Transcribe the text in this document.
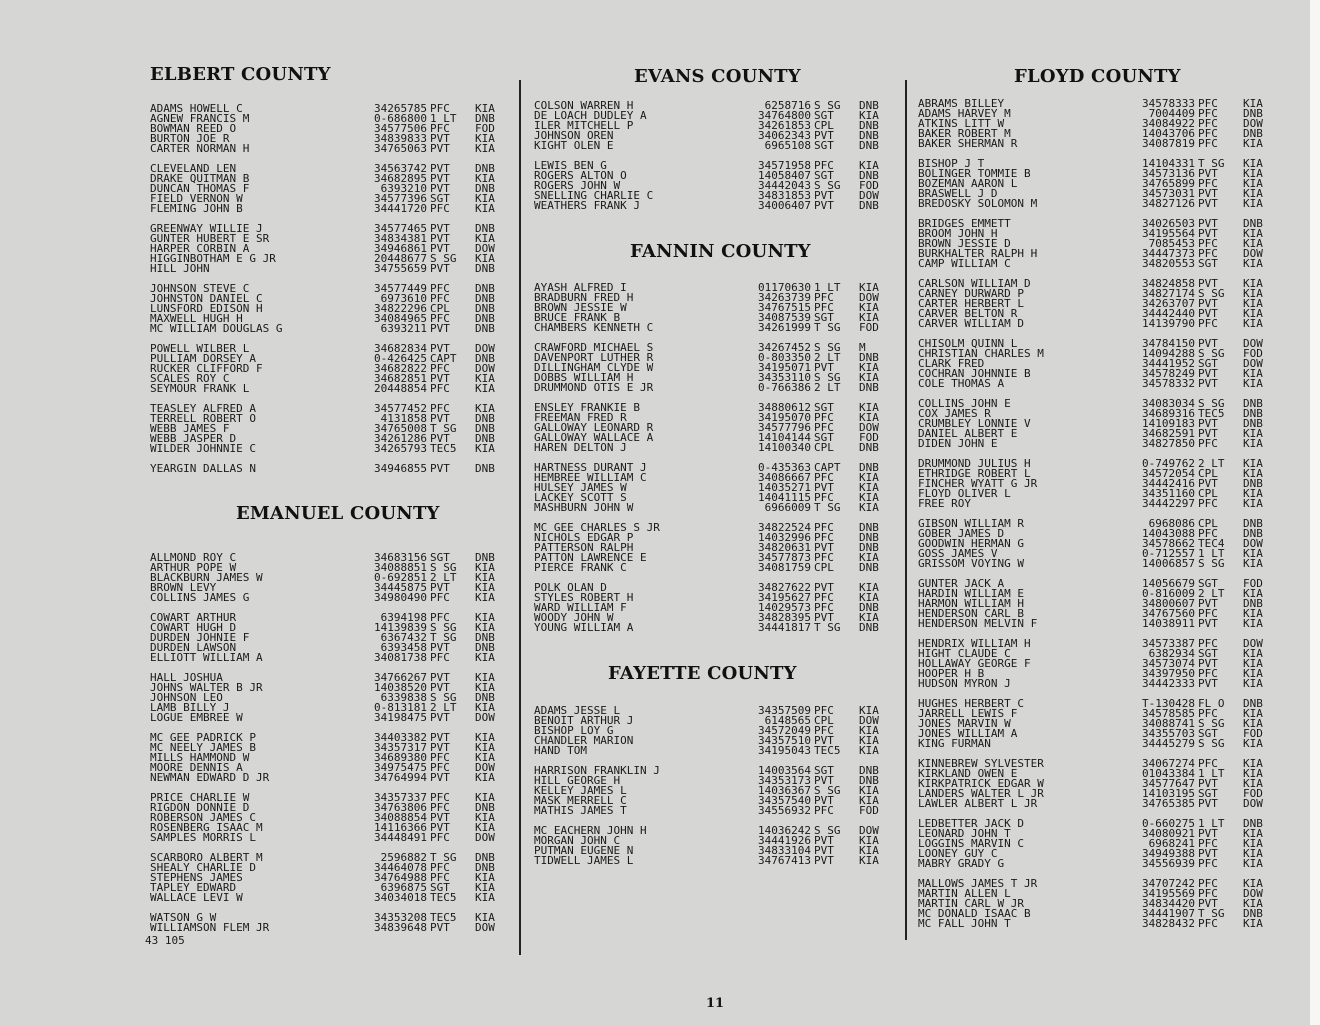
ELBERT COUNTY
ADAMS HOWELL C	34265785 PFC KIA
AGNEW FRANCIS M	0-686800 1 LT DNB
BOWMAN REED O	34577506 PFC FOD
BURTON JOE R	34839833 PVT KIA
CARTER NORMAN H	34765063 PVT KIA
CLEVELAND LEN	34563742 PVT DNB
DRAKE QUITMAN B	34682895 PVT KIA
DUNCAN THOMAS F	6393210 PVT DNB
FIELD VERNON W	34577396 SGT KIA
FLEMING JOHN B	34441720 PFC KIA
GREENWAY WILLIE J	34577465 PVT DNB
GUNTER HUBERT E SR	34834381 PVT KIA
HARPER CORBIN A	34946861 PVT DOW
HIGGINBOTHAM E G JR	20448677 S SG KIA
HILL JOHN	34755659 PVT DNB
JOHNSON STEVE C	34577449 PFC DNB
JOHNSTON DANIEL C	6973610 PFC DNB
LUNSFORD EDISON H	34822296 CPL DNB
MAXWELL HUGH H	34084965 PFC DNB
MC WILLIAM DOUGLAS G	6393211 PVT DNB
POWELL WILBER L	34682834 PVT DOW
PULLIAM DORSEY A	0-426425 CAPT DNB
RUCKER CLIFFORD F	34682822 PFC DOW
SCALES ROY C	34682851 PVT KIA
SEYMOUR FRANK L	20448854 PFC KIA
TEASLEY ALFRED A	34577452 PFC KIA
TERRELL ROBERT O	4131858 PVT DNB
WEBB JAMES F	34765008 T SG DNB
WEBB JASPER D	34261286 PVT DNB
WILDER JOHNNIE C	34265793 TEC5 KIA
YEARGIN DALLAS N	34946855 PVT DNB
EMANUEL COUNTY
ALLMOND ROY C	34683156 SGT DNB
ARTHUR POPE W	34088851 S SG KIA
BLACKBURN JAMES W	0-692851 2 LT KIA
BROWN LEVY	34445875 PVT KIA
COLLINS JAMES G	34980490 PFC KIA
COWART ARTHUR	6394198 PFC KIA
COWART HUGH D	14139839 S SG KIA
DURDEN JOHNIE F	6367432 T SG DNB
DURDEN LAWSON	6393458 PVT DNB
ELLIOTT WILLIAM A	34081738 PFC KIA
HALL JOSHUA	34766267 PVT KIA
JOHNS WALTER B JR	14038520 PVT KIA
JOHNSON LEO	6339838 S SG DNB
LAMB BILLY J	0-813181 2 LT KIA
LOGUE EMBREE W	34198475 PVT DOW
MC GEE PADRICK P	34403382 PVT KIA
MC NEELY JAMES B	34357317 PVT KIA
MILLS HAMMOND W	34689380 PFC KIA
MOORE DENNIS A	34975475 PFC DOW
NEWMAN EDWARD D JR	34764994 PVT KIA
PRICE CHARLIE W	34357337 PFC KIA
RIGDON DONNIE D	34763806 PFC DNB
ROBERSON JAMES C	34088854 PVT KIA
ROSENBERG ISAAC M	14116366 PVT KIA
SAMPLES MORRIS L	34448491 PFC DOW
SCARBORO ALBERT M	2596882 T SG DNB
SHEALY CHARLIE D	34464078 PFC DNB
STEPHENS JAMES	34764988 PFC KIA
TAPLEY EDWARD	6396875 SGT KIA
WALLACE LEVI W	34034018 TEC5 KIA
WATSON G W	34353208 TEC5 KIA
WILLIAMSON FLEM JR	34839648 PVT DOW
EVANS COUNTY
COLSON WARREN H	6258716 S SG DNB
DE LOACH DUDLEY A	34764800 SGT KIA
ILER MITCHELL P	34261853 CPL DNB
JOHNSON OREN	34062343 PVT DNB
KIGHT OLEN E	6965108 SGT DNB
LEWIS BEN G	34571958 PFC KIA
ROGERS ALTON O	14058407 SGT DNB
ROGERS JOHN W	34442043 S SG FOD
SNELLING CHARLIE C	34831853 PVT DOW
WEATHERS FRANK J	34006407 PVT DNB
FANNIN COUNTY
AYASH ALFRED I	01170630 1 LT KIA
BRADBURN FRED H	34263739 PFC DOW
BROWN JESSIE W	34767515 PFC KIA
BRUCE FRANK B	34087539 SGT KIA
CHAMBERS KENNETH C	34261999 T SG FOD
CRAWFORD MICHAEL S	34267452 S SG M
DAVENPORT LUTHER R	0-803350 2 LT DNB
DILLINGHAM CLYDE W	34195071 PVT KIA
DOBBS WILLIAM H	34353110 S SG KIA
DRUMMOND OTIS E JR	0-766386 2 LT DNB
ENSLEY FRANKIE B	34880612 SGT KIA
FREEMAN FRED R	34195070 PFC KIA
GALLOWAY LEONARD R	34577796 PFC DOW
GALLOWAY WALLACE A	14104144 SGT FOD
HAREN DELTON J	14100340 CPL DNB
HARTNESS DURANT J	0-435363 CAPT DNB
HEMBREE WILLIAM C	34086667 PFC KIA
HULSEY JAMES W	14035271 PVT KIA
LACKEY SCOTT S	14041115 PFC KIA
MASHBURN JOHN W	6966009 T SG KIA
MC GEE CHARLES S JR	34822524 PFC DNB
NICHOLS EDGAR P	14032996 PFC DNB
PATTERSON RALPH	34820631 PVT DNB
PATTON LAWRENCE E	34577873 PFC KIA
PIERCE FRANK C	34081759 CPL DNB
POLK OLAN D	34827622 PVT KIA
STYLES ROBERT H	34195627 PFC KIA
WARD WILLIAM F	14029573 PFC DNB
WOODY JOHN W	34828395 PVT KIA
YOUNG WILLIAM A	34441817 T SG DNB
FAYETTE COUNTY
ADAMS JESSE L	34357509 PFC KIA
BENOIT ARTHUR J	6148565 CPL DOW
BISHOP LOY G	34572049 PFC KIA
CHANDLER MARION	34357510 PVT KIA
HAND TOM	34195043 TEC5 KIA
HARRISON FRANKLIN J	14003564 SGT DNB
HILL GEORGE H	34353173 PVT DNB
KELLEY JAMES L	14036367 S SG KIA
MASK MERRELL C	34357540 PVT KIA
MATHIS JAMES T	34556932 PFC FOD
MC EACHERN JOHN H	14036242 S SG DOW
MORGAN JOHN C	34441926 PVT KIA
PUTMAN EUGENE N	34833104 PVT KIA
TIDWELL JAMES L	34767413 PVT KIA
FLOYD COUNTY
ABRAMS BILLEY	34578333 PFC KIA
ADAMS HARVEY M	7004409 PFC DNB
ATKINS LITT W	34084922 PFC DOW
BAKER ROBERT M	14043706 PFC DNB
BAKER SHERMAN R	34087819 PFC KIA
BISHOP J T	14104331 T SG KIA
BOLINGER TOMMIE B	34573136 PVT KIA
BOZEMAN AARON L	34765899 PFC KIA
BRASWELL J D	34573031 PVT KIA
BREDOSKY SOLOMON M	34827126 PVT KIA
BRIDGES EMMETT	34026503 PVT DNB
BROOM JOHN H	34195564 PVT KIA
BROWN JESSIE D	7085453 PFC KIA
BURKHALTER RALPH H	34447373 PFC DOW
CAMP WILLIAM C	34820553 SGT KIA
CARLSON WILLIAM D	34824858 PVT KIA
CARNEY DURWARD P	34827174 S SG KIA
CARTER HERBERT L	34263707 PVT KIA
CARVER BELTON R	34442440 PVT KIA
CARVER WILLIAM D	14139790 PFC KIA
CHISOLM QUINN L	34784150 PVT DOW
CHRISTIAN CHARLES M	14094288 S SG FOD
CLARK FRED	34441952 SGT DOW
COCHRAN JOHNNIE B	34578249 PVT KIA
COLE THOMAS A	34578332 PVT KIA
COLLINS JOHN E	34083034 S SG DNB
COX JAMES R	34689316 TEC5 DNB
CRUMBLEY LONNIE V	14109183 PVT DNB
DANIEL ALBERT E	34682591 PVT KIA
DIDEN JOHN E	34827850 PFC KIA
DRUMMOND JULIUS H	0-749762 2 LT KIA
ETHRIDGE ROBERT L	34572054 CPL KIA
FINCHER WYATT G JR	34442416 PVT DNB
FLOYD OLIVER L	34351160 CPL KIA
FREE ROY	34442297 PFC KIA
GIBSON WILLIAM R	6968086 CPL DNB
GOBER JAMES D	14043088 PFC DNB
GOODWIN HERMAN G	34578662 TEC4 DOW
GOSS JAMES V	0-712557 1 LT KIA
GRISSOM VOYING W	14006857 S SG KIA
GUNTER JACK A	14056679 SGT FOD
HARDIN WILLIAM E	0-816009 2 LT KIA
HARMON WILLIAM H	34800607 PVT DNB
HENDERSON CARL B	34767560 PFC KIA
HENDERSON MELVIN F	14038911 PVT KIA
HENDRIX WILLIAM H	34573387 PFC DOW
HIGHT CLAUDE C	6382934 SGT KIA
HOLLAWAY GEORGE F	34573074 PVT KIA
HOOPER H B	34397950 PFC KIA
HUDSON MYRON J	34442333 PVT KIA
HUGHES HERBERT C	T-130428 FL O DNB
JARRELL LEWIS F	34578585 PFC KIA
JONES MARVIN W	34088741 S SG KIA
JONES WILLIAM A	34355703 SGT FOD
KING FURMAN	34445279 S SG KIA
KINNEBREW SYLVESTER	34067274 PFC KIA
KIRKLAND OWEN E	01043384 1 LT KIA
KIRKPATRICK EDGAR W	34577647 PVT KIA
LANDERS WALTER L JR	14103195 SGT FOD
LAWLER ALBERT L JR	34765385 PVT DOW
LEDBETTER JACK D	0-660275 1 LT DNB
LEONARD JOHN T	34080921 PVT KIA
LOGGINS MARVIN C	6968241 PFC KIA
LOONEY GUY C	34949388 PVT KIA
MABRY GRADY G	34556939 PFC KIA
MALLOWS JAMES T JR	34707242 PFC KIA
MARTIN ALLEN L	34195569 PFC DOW
MARTIN CARL W JR	34834420 PVT KIA
MC DONALD ISAAC B	34441907 T SG DNB
MC FALL JOHN T	34828432 PFC KIA
43 105
11
